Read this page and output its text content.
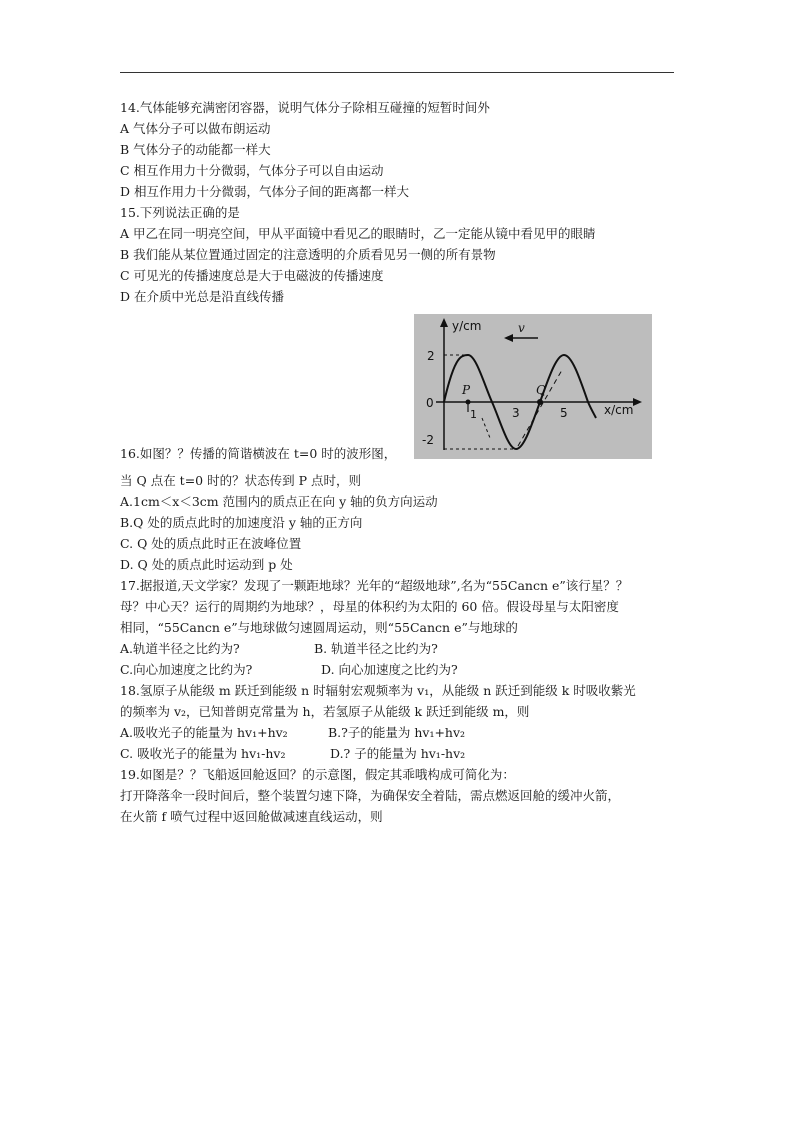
14.气体能够充满密闭容器，说明气体分子除相互碰撞的短暂时间外
A 气体分子可以做布朗运动
B 气体分子的动能都一样大
C 相互作用力十分微弱，气体分子可以自由运动
D 相互作用力十分微弱，气体分子间的距离都一样大
15.下列说法正确的是
A 甲乙在同一明亮空间，甲从平面镜中看见乙的眼睛时，乙一定能从镜中看见甲的眼睛
B 我们能从某位置通过固定的注意透明的介质看见另一侧的所有景物
C 可见光的传播速度总是大于电磁波的传播速度
D 在介质中光总是沿直线传播
v
y/cm
x/cm
0
2
-2
1	3	5
P	Q
16.如图？？传播的简谐横波在 t=0 时的波形图，
当 Q 点在 t=0 时的？状态传到 P 点时，则
A.1cm＜x＜3cm 范围内的质点正在向 y 轴的负方向运动
B.Q 处的质点此时的加速度沿 y 轴的正方向
C. Q 处的质点此时正在波峰位置
D. Q 处的质点此时运动到 p 处
17.据报道,天文学家？发现了一颗距地球？光年的“超级地球”,名为“55Cancn e”该行星？？
母？中心天？运行的周期约为地球？，母星的体积约为太阳的 60 倍。假设母星与太阳密度
相同，“55Cancn e”与地球做匀速圆周运动，则“55Cancn e”与地球的
A.轨道半径之比约为?	B. 轨道半径之比约为?
C.向心加速度之比约为?	D. 向心加速度之比约为?
18.氢原子从能级 m 跃迁到能级 n 时辐射宏观频率为 v₁，从能级 n 跃迁到能级 k 时吸收紫光
的频率为 v₂，已知普朗克常量为 h，若氢原子从能级 k 跃迁到能级 m，则
A.吸收光子的能量为 hv₁+hv₂	B.?子的能量为 hv₁+hv₂
C. 吸收光子的能量为 hv₁-hv₂	D.? 子的能量为 hv₁-hv₂
19.如图是？？飞船返回舱返回？的示意图，假定其乖哦构成可简化为：
打开降落伞一段时间后，整个装置匀速下降，为确保安全着陆，需点燃返回舱的缓冲火箭，
在火箭 f 喷气过程中返回舱做减速直线运动，则
